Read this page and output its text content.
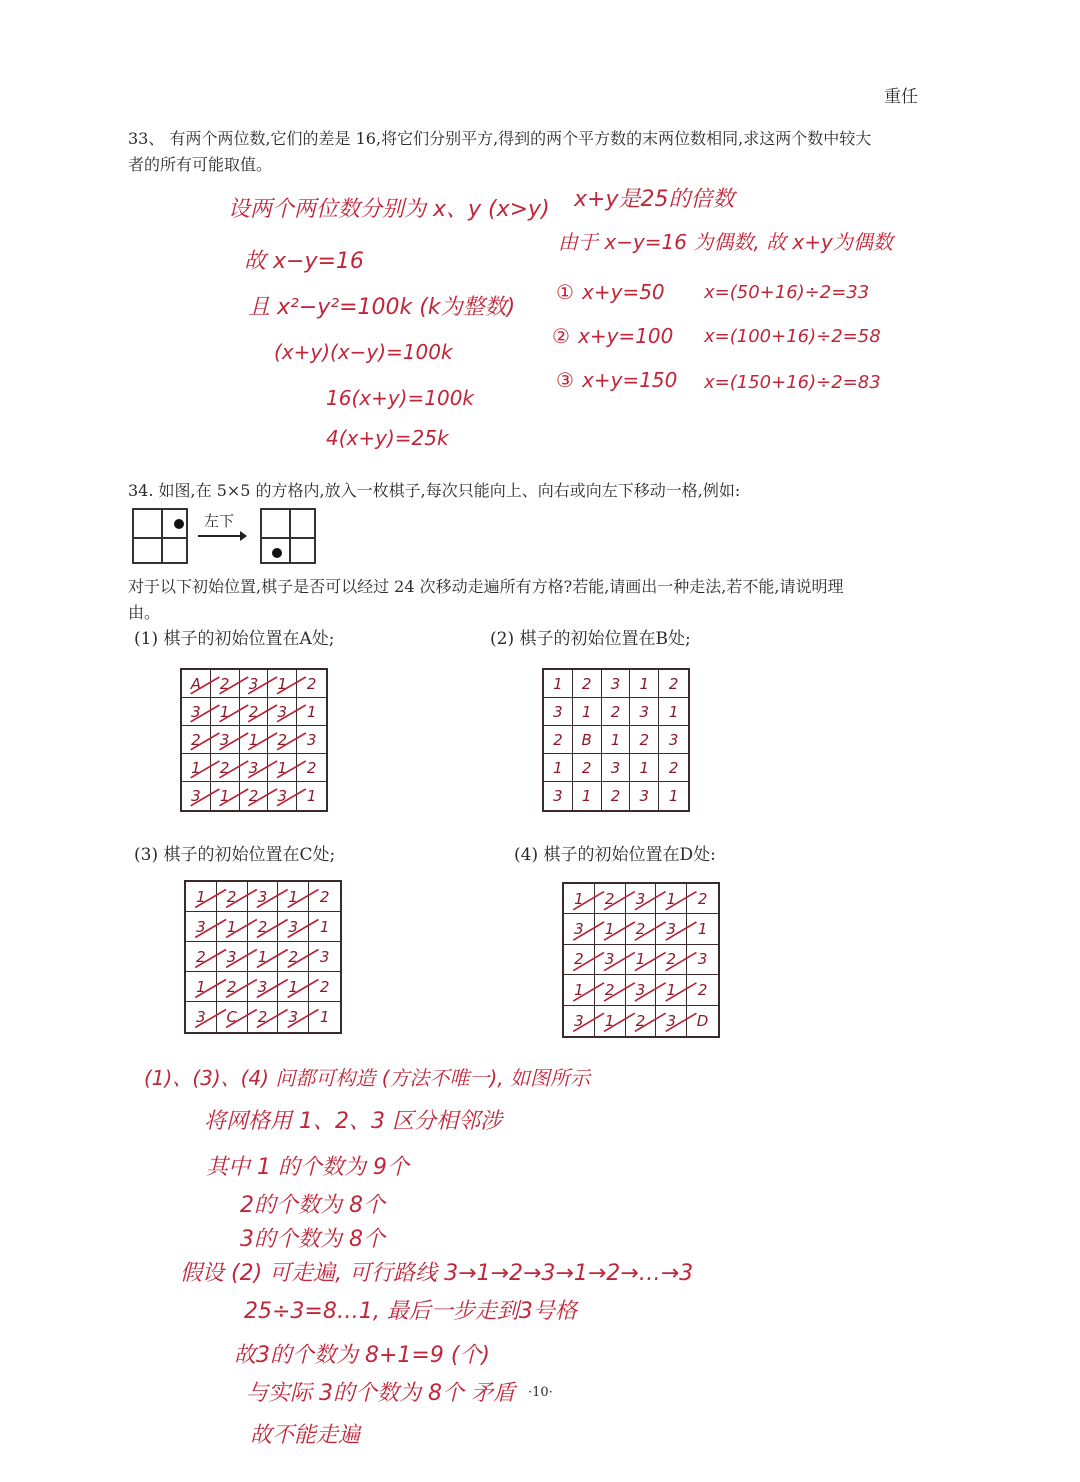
重任
33、 有两个两位数,它们的差是 16,将它们分别平方,得到的两个平方数的末两位数相同,求这两个数中较大
者的所有可能取值。
设两个两位数分别为 x、y (x>y)
故 x−y=16
且 x²−y²=100k (k为整数)
(x+y)(x−y)=100k
16(x+y)=100k
4(x+y)=25k
x+y是25的倍数
由于 x−y=16 为偶数, 故 x+y为偶数
① x+y=50 x=(50+16)÷2=33
② x+y=100 x=(100+16)÷2=58
③ x+y=150 x=(150+16)÷2=83
34. 如图,在 5×5 的方格内,放入一枚棋子,每次只能向上、向右或向左下移动一格,例如:
左下
对于以下初始位置,棋子是否可以经过 24 次移动走遍所有方格?若能,请画出一种走法,若不能,请说明理
由。
(1) 棋子的初始位置在A处;	(2) 棋子的初始位置在B处;
(3) 棋子的初始位置在C处;	(4) 棋子的初始位置在D处:
A	2	3	1	2
3	1	2	3	1
2	3	1	2	3
1	2	3	1	2
3	1	2	3	1
1	2	3	1	2
3	1	2	3	1
2	B	1	2	3
1	2	3	1	2
3	1	2	3	1
1	2	3	1	2
3	1	2	3	1
2	3	1	2	3
1	2	3	1	2
3	C	2	3	1
1	2	3	1	2
3	1	2	3	1
2	3	1	2	3
1	2	3	1	2
3	1	2	3	D
(1)、(3)、(4) 问都可构造 (方法不唯一), 如图所示
将网格用 1、2、3 区分相邻涉
其中 1 的个数为 9个
2的个数为 8个
3的个数为 8个
假设 (2) 可走遍, 可行路线 3→1→2→3→1→2→…→3
25÷3=8…1, 最后一步走到3号格
故3的个数为 8+1=9 (个)
与实际 3的个数为 8个 矛盾
故不能走遍
·10·
